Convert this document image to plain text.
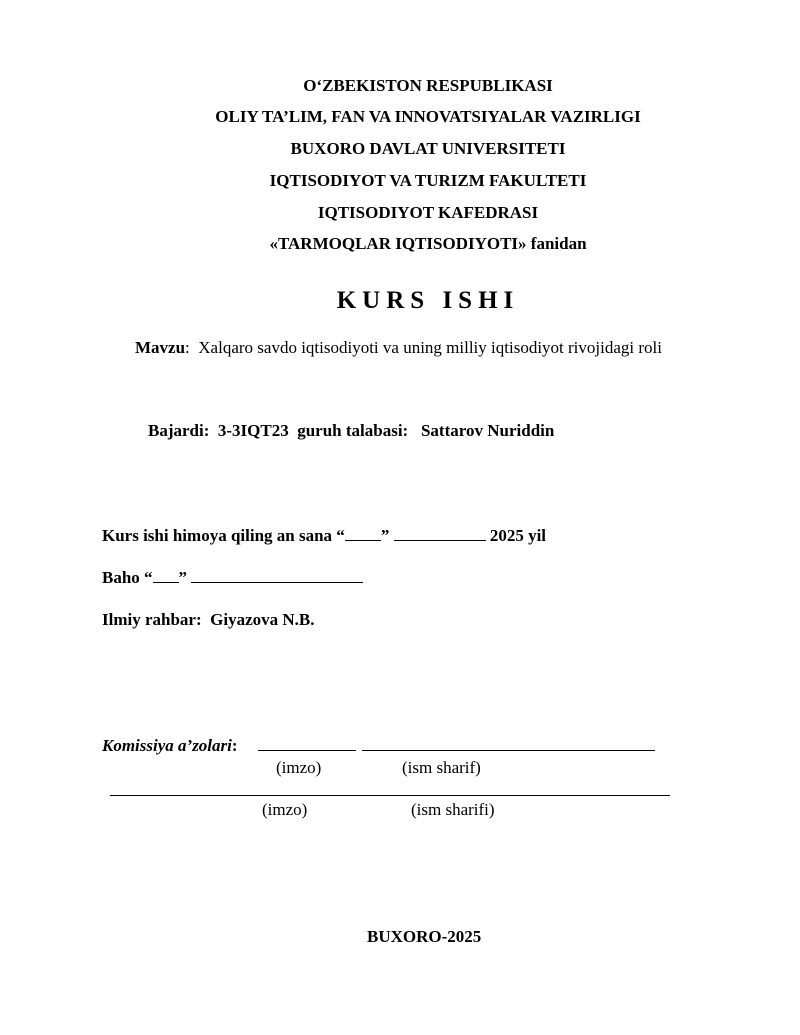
O‘ZBEKISTON RESPUBLIKASI
OLIY TA’LIM, FAN VA INNOVATSIYALAR VAZIRLIGI
BUXORO DAVLAT UNIVERSITETI
IQTISODIYOT VA TURIZM FAKULTETI
IQTISODIYOT KAFEDRASI
«TARMOQLAR IQTISODIYOTI» fanidan
KURS ISHI
Mavzu: Xalqaro savdo iqtisodiyoti va uning milliy iqtisodiyot rivojidagi roli
Bajardi:  3-3IQT23  guruh talabasi:   Sattarov Nuriddin
Kurs ishi himoya qiling an sana “ ”	2025 yil
Baho “ ”
Ilmiy rahbar:  Giyazova N.B.
Komissiya a’zolari:
(imzo)	(ism sharif)
(imzo)	(ism sharifi)
BUXORO-2025
